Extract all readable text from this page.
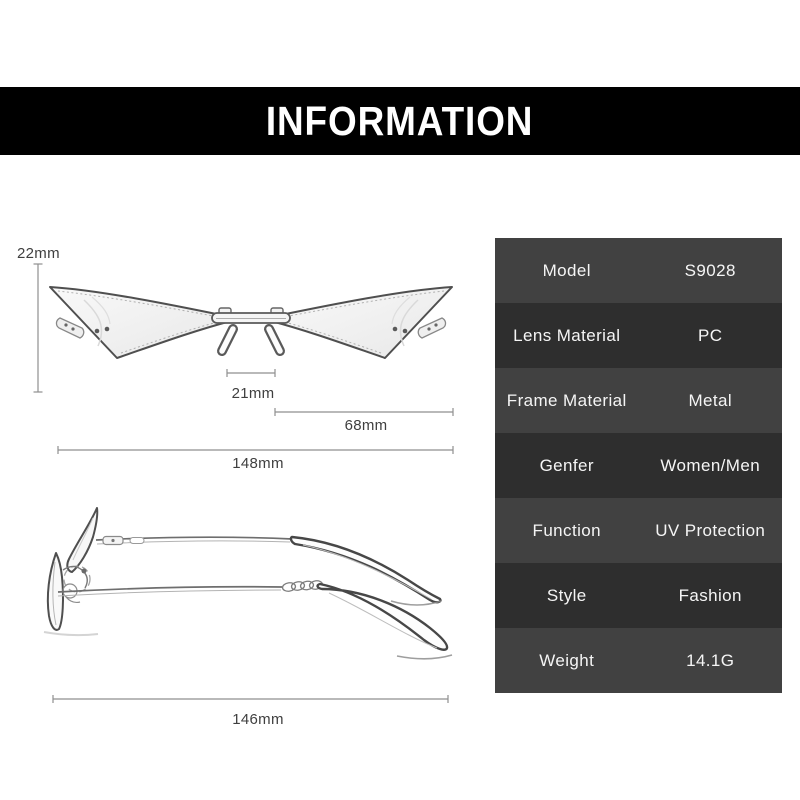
INFORMATION
22mm
21mm
68mm
148mm
146mm
Model	S9028
Lens Material	PC
Frame Material	Metal
Genfer	Women/Men
Function	UV Protection
Style	Fashion
Weight	14.1G
